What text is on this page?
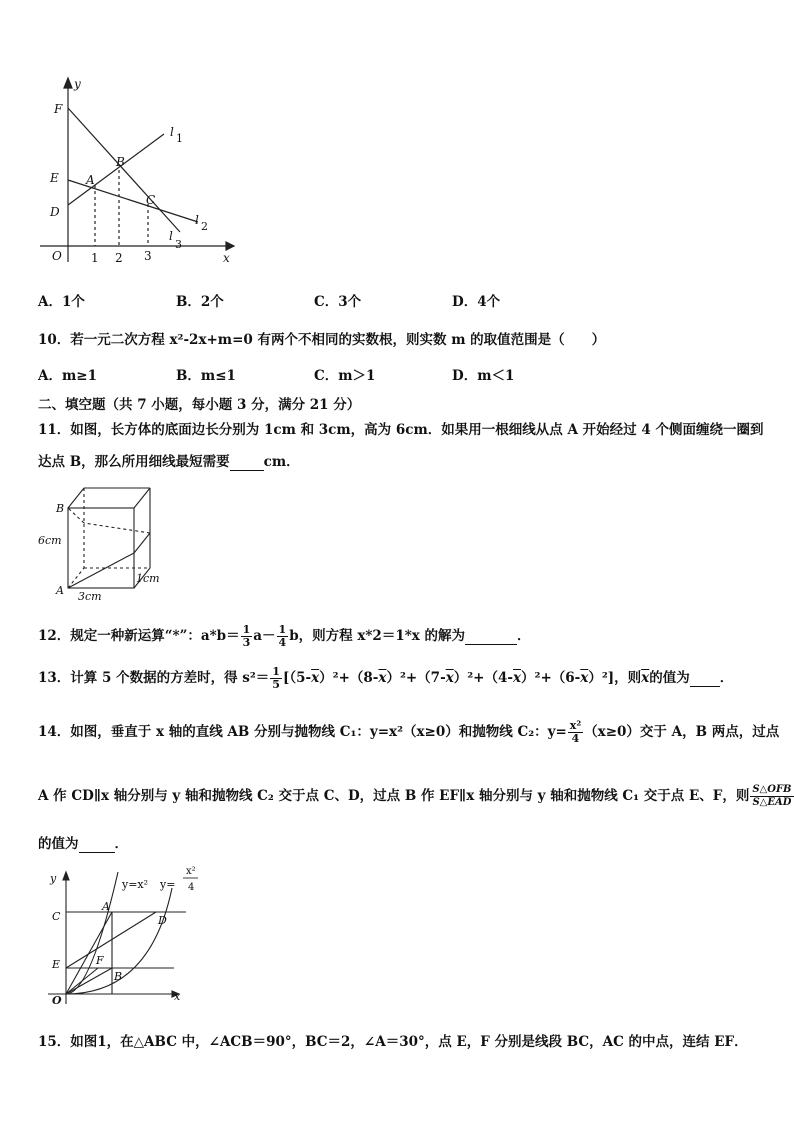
y
x
O
F
E
D
A
B
C
l 1
l 2
l
3
1 2 3
A．1个	B．2个	C．3个	D．4个
10．若一元二次方程 x²-2x+m=0 有两个不相同的实数根，则实数 m 的取值范围是（　　）
A．m≥1	B．m≤1	C．m＞1	D．m＜1
二、填空题（共 7 小题，每小题 3 分，满分 21 分）
11．如图，长方体的底面边长分别为 1cm 和 3cm，高为 6cm．如果用一根细线从点 A 开始经过 4 个侧面缠绕一圈到
达点 B，那么所用细线最短需要	cm．
B
A
6cm
3cm
1cm
12．规定一种新运算“*”：$a*b= \frac{1}{3} a- \frac{1}{4}$ b，则方程 x*2＝1*x 的解为	．
13．计算 5 个数据的方差时，得 $s^2= \frac{1}{5} [(5-\overline{x})^2+(8-\overline{x})^2+(7-\overline{x})^2+(4-\overline{x})^2+(6-\overline{x})^2]$，则$\overline{x}$的值为 ．
14．如图，垂直于 x 轴的直线 AB 分别与抛物线 C₁：y=x²（x≥0）和抛物线 C₂：$y= \frac{\text{x²}}{4} (x\ge 0)$交于 A，B 两点，过点
A 作 CD∥x 轴分别与 y 轴和抛物线 C₂ 交于点 C、D，过点 B 作 EF∥x 轴分别与 y 轴和抛物线 C₁ 交于点 E、F，则 $\frac{\text{S△OFB}}{\text{S△EAD}}$
的值为	．
y
x
O
C
E
A
D
F
B
y=x² y=
x²
4
15．如图1，在△ABC 中，∠ACB＝90°，BC＝2，∠A＝30°，点 E，F 分别是线段 BC，AC 的中点，连结 EF．
